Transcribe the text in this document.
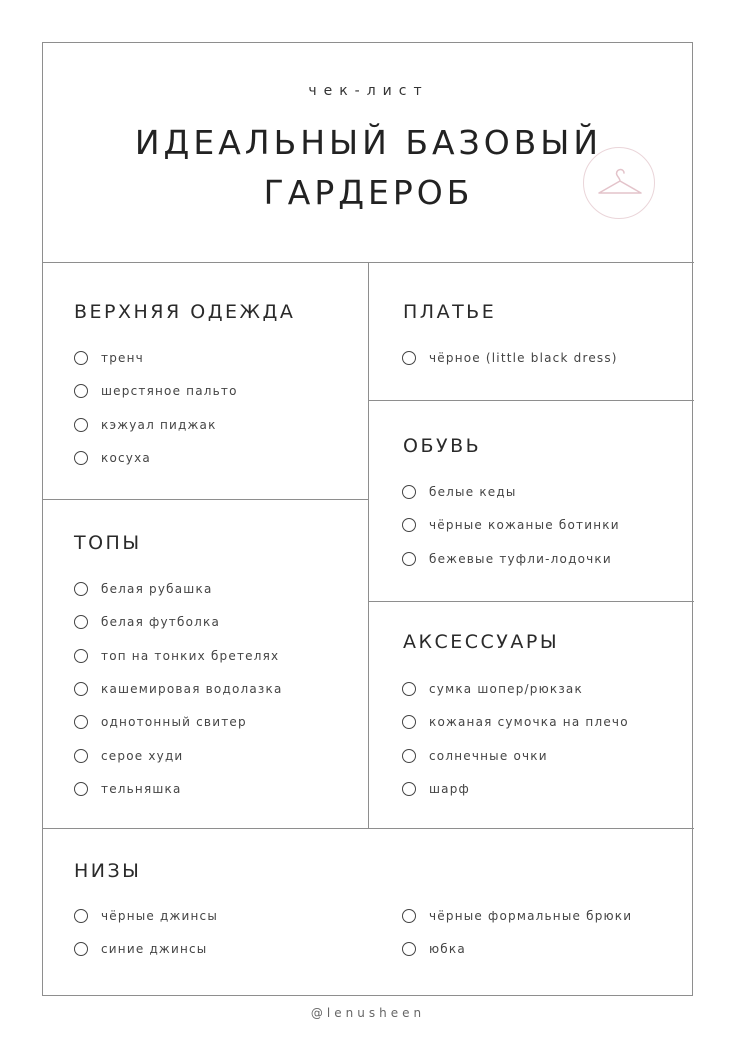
чек-лист
ИДЕАЛЬНЫЙ БАЗОВЫЙ
ГАРДЕРОБ
ВЕРХНЯЯ ОДЕЖДА
тренч
шерстяное пальто
кэжуал пиджак
косуха
ПЛАТЬЕ
чёрное (little black dress)
ОБУВЬ
белые кеды
чёрные кожаные ботинки
бежевые туфли-лодочки
ТОПЫ
белая рубашка
белая футболка
топ на тонких бретелях
кашемировая водолазка
однотонный свитер
серое худи
тельняшка
АКСЕССУАРЫ
сумка шопер/рюкзак
кожаная сумочка на плечо
солнечные очки
шарф
НИЗЫ
чёрные джинсы
синие джинсы
чёрные формальные брюки
юбка
@lenusheen
